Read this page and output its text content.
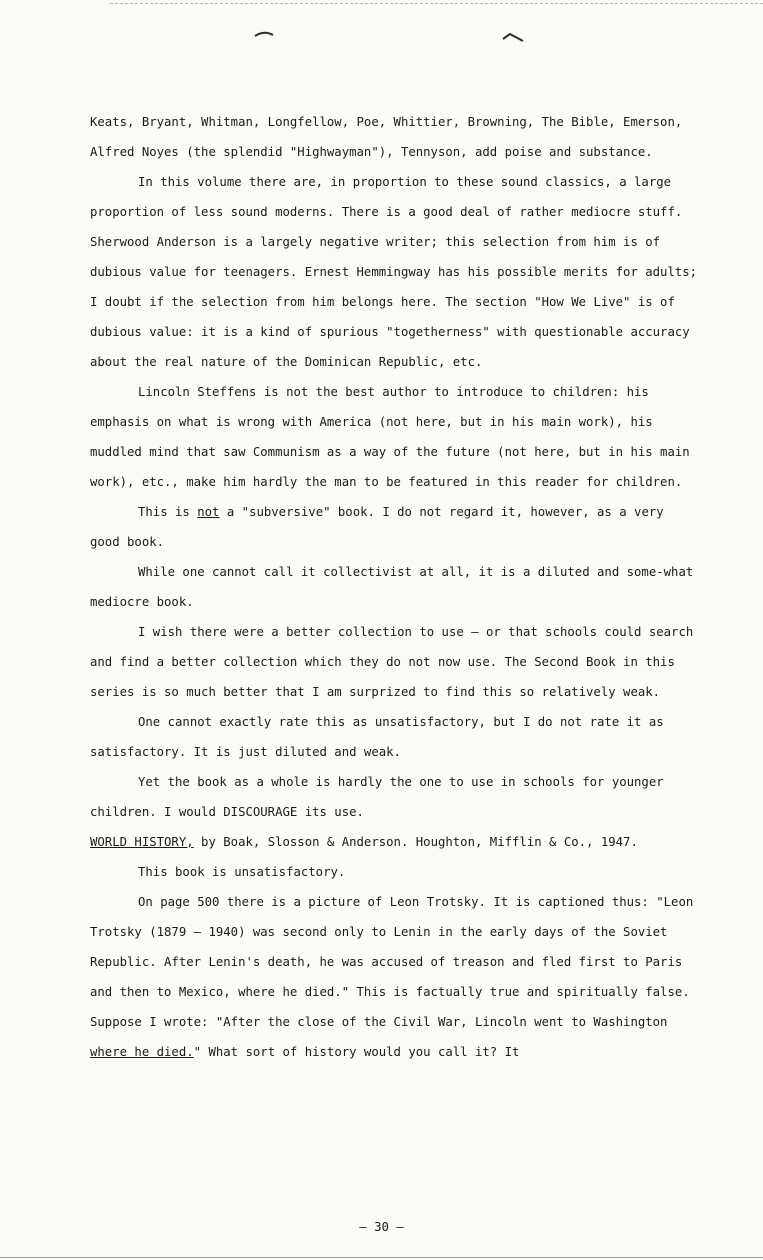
Keats, Bryant, Whitman, Longfellow, Poe, Whittier, Browning, The Bible, Emerson, Alfred Noyes (the splendid "Highwayman"), Tennyson, add poise and substance.

In this volume there are, in proportion to these sound classics, a large proportion of less sound moderns. There is a good deal of rather mediocre stuff. Sherwood Anderson is a largely negative writer; this selection from him is of dubious value for teenagers. Ernest Hemmingway has his possible merits for adults; I doubt if the selection from him belongs here. The section "How We Live" is of dubious value: it is a kind of spurious "togetherness" with questionable accuracy about the real nature of the Dominican Republic, etc.

Lincoln Steffens is not the best author to introduce to children: his emphasis on what is wrong with America (not here, but in his main work), his muddled mind that saw Communism as a way of the future (not here, but in his main work), etc., make him hardly the man to be featured in this reader for children.

This is not a "subversive" book. I do not regard it, however, as a very good book.

While one cannot call it collectivist at all, it is a diluted and some-what mediocre book.

I wish there were a better collection to use — or that schools could search and find a better collection which they do not now use. The Second Book in this series is so much better that I am surprized to find this so relatively weak.

One cannot exactly rate this as unsatisfactory, but I do not rate it as satisfactory. It is just diluted and weak.

Yet the book as a whole is hardly the one to use in schools for younger children. I would DISCOURAGE its use.

WORLD HISTORY, by Boak, Slosson & Anderson. Houghton, Mifflin & Co., 1947.

This book is unsatisfactory.

On page 500 there is a picture of Leon Trotsky. It is captioned thus: "Leon Trotsky (1879 – 1940) was second only to Lenin in the early days of the Soviet Republic. After Lenin's death, he was accused of treason and fled first to Paris and then to Mexico, where he died." This is factually true and spiritually false. Suppose I wrote: "After the close of the Civil War, Lincoln went to Washington where he died." What sort of history would you call it? It

– 30 –
